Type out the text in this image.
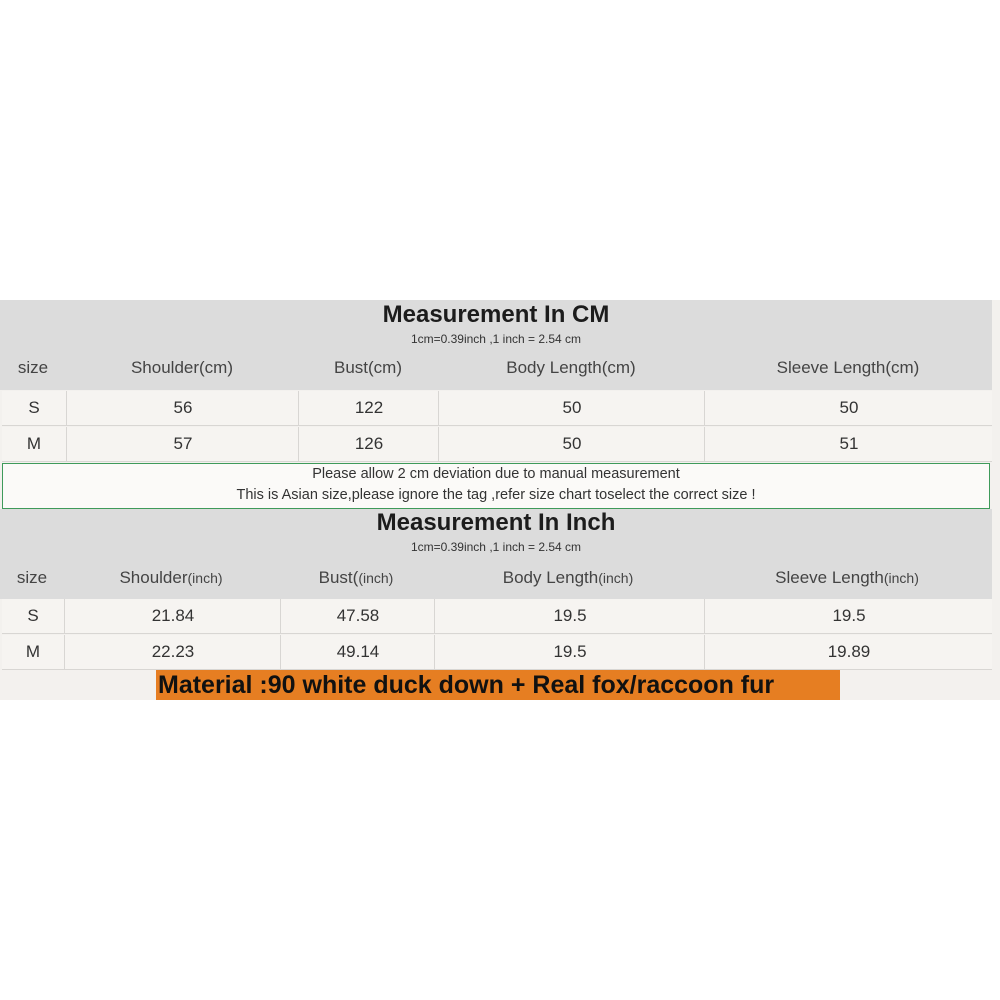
Measurement In CM
1cm=0.39inch ,1 inch = 2.54 cm
size	Shoulder(cm)	Bust(cm)	Body Length(cm)	Sleeve Length(cm)
S	56	122	50	50
M	57	126	50	51
Please allow 2 cm deviation due to manual measurement
This is Asian size,please ignore the tag ,refer size chart toselect the correct size !
Measurement In Inch
1cm=0.39inch ,1 inch = 2.54 cm
size	Shoulder(inch)	Bust((inch)	Body Length(inch)	Sleeve Length(inch)
S	21.84	47.58	19.5	19.5
M	22.23	49.14	19.5	19.89
Material :90 white duck down + Real fox/raccoon fur
